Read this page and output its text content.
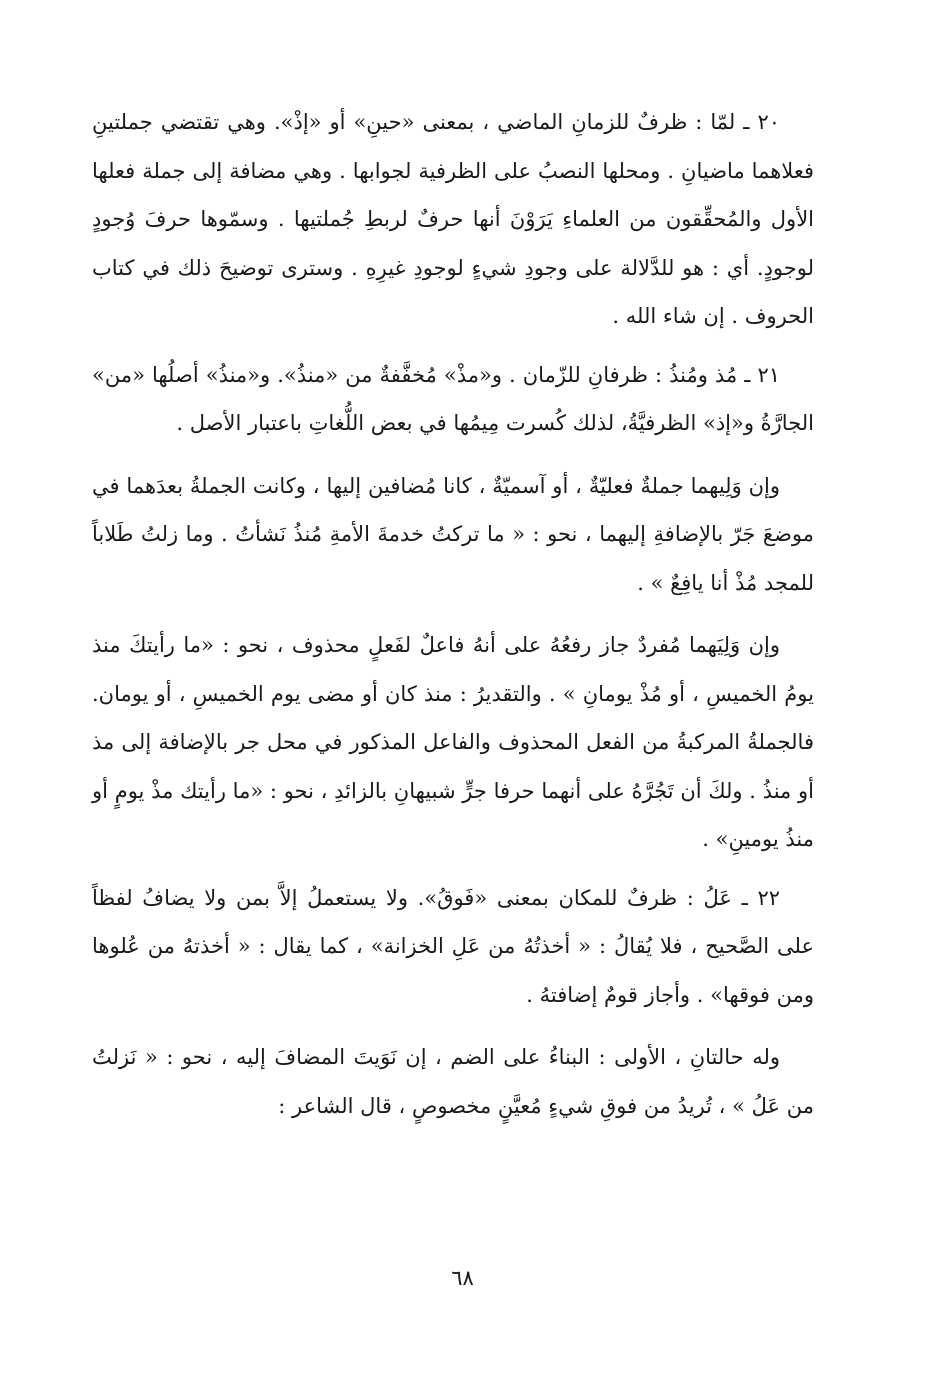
٢٠ ـ لمّا : ظرفٌ للزمانِ الماضي ، بمعنى «حينِ» أو «إذْ». وهي تقتضي جملتينِ فعلاهما ماضيانِ . ومحلها النصبُ على الظرفية لجوابها . وهي مضافة إلى جملة فعلها الأول والمُحقِّقون من العلماءِ يَرَوْنَ أنها حرفٌ لربطِ جُملتيها . وسمّوها حرفَ وُجودٍ لوجودٍ. أي : هو للدَّلالة على وجودِ شيءٍ لوجودِ غيرِهِ . وسترى توضيحَ ذلك في كتاب الحروف . إن شاء الله .

٢١ ـ مُذ ومُنذُ : ظرفانِ للزّمان . و«مذْ» مُخفَّفةٌ من «منذُ». و«منذُ» أصلُها «من» الجارَّةُ و«إذ» الظرفيَّةُ، لذلك كُسرت مِيمُها في بعض اللُّغاتِ باعتبار الأصل .

وإن وَلِيهما جملةٌ فعليّةٌ ، أو آسميّةٌ ، كانا مُضافين إليها ، وكانت الجملةُ بعدَهما في موضعَ جَرّ بالإضافةِ إليهما ، نحو : « ما تركتُ خدمةَ الأمةِ مُنذُ نَشأتُ . وما زلتُ طَلاباً للمجد مُذْ أنا يافِعٌ » .

وإن وَلِيَهما مُفردٌ جاز رفعُهُ على أنهُ فاعلٌ لفَعلٍ محذوف ، نحو : «ما رأيتكَ منذ يومُ الخميسِ ، أو مُذْ يومانِ » . والتقديرُ : منذ كان أو مضى يوم الخميسِ ، أو يومان. فالجملةُ المركبةُ من الفعل المحذوف والفاعل المذكور في محل جر بالإضافة إلى مذ أو منذُ . ولكَ أن تَجُرَّهُ على أنهما حرفا جرٍّ شبيهانِ بالزائدِ ، نحو : «ما رأيتك مذْ يومٍ أو منذُ يومينِ» .

٢٢ ـ عَلُ : ظرفٌ للمكان بمعنى «فَوقُ». ولا يستعملُ إلاَّ بمن ولا يضافُ لفظاً على الصَّحيح ، فلا يُقالُ : « أخذتُهُ من عَلِ الخزانة» ، كما يقال : « أخذتهُ من عُلوها ومن فوقها» . وأجاز قومٌ إضافتهُ .

وله حالتانِ ، الأولى : البناءُ على الضم ، إن نَوَيتَ المضافَ إليه ، نحو : « نَزلتُ من عَلُ » ، تُريدُ من فوقِ شيءٍ مُعيَّنٍ مخصوصٍ ، قال الشاعر :

٦٨
